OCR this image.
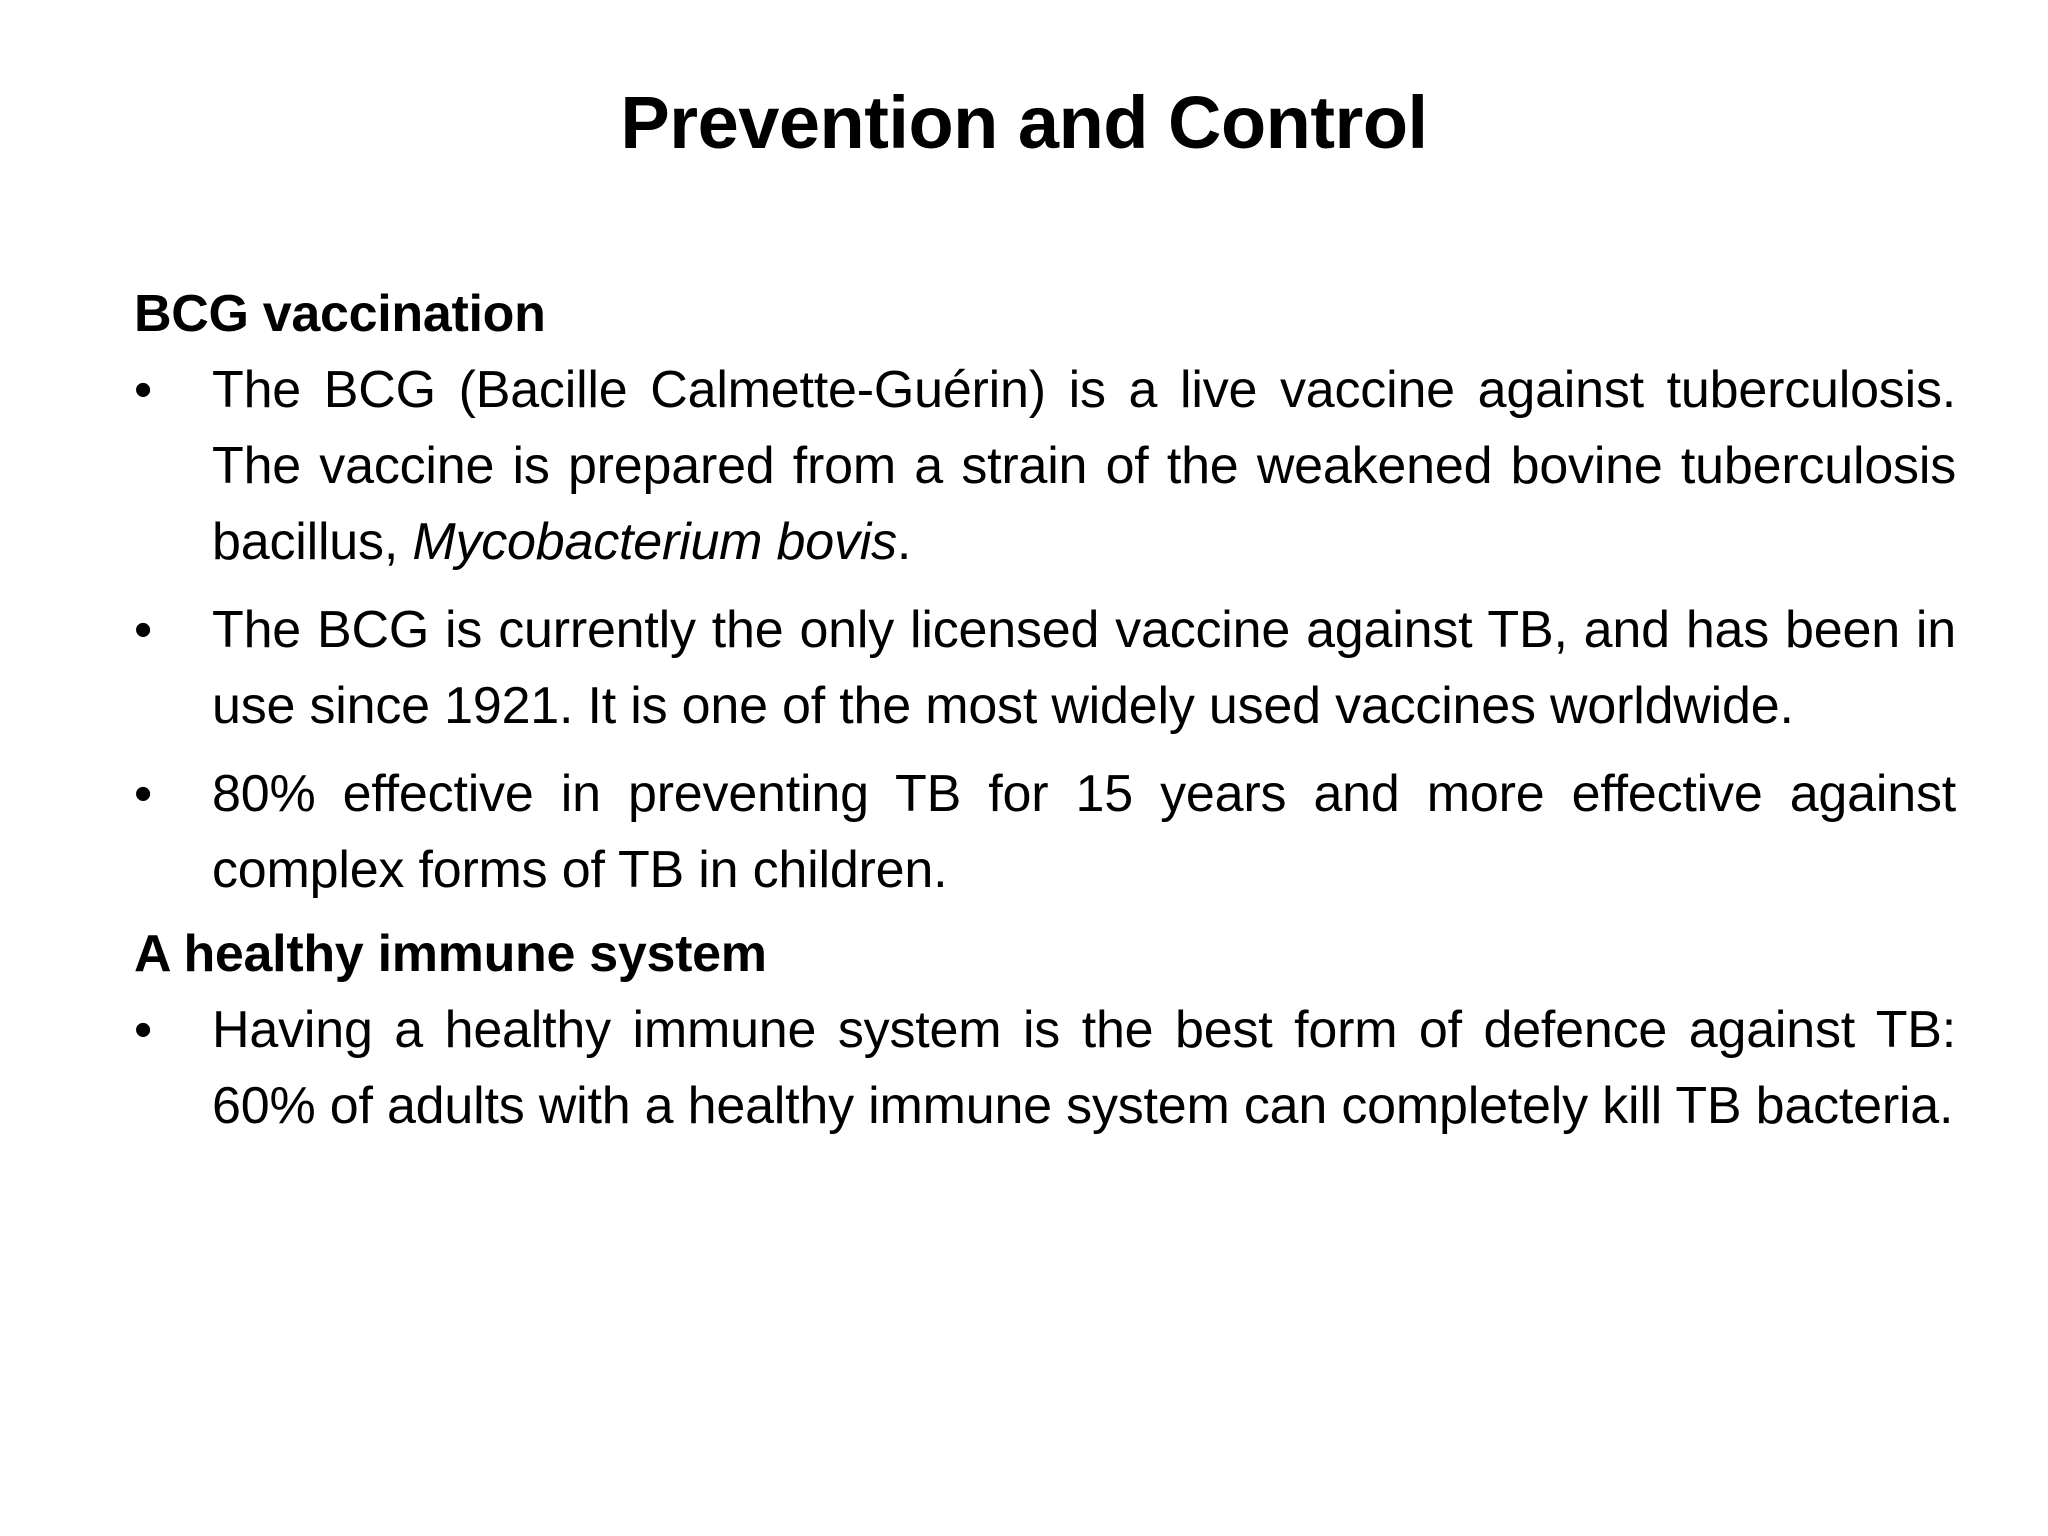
Prevention and Control

BCG vaccination

•	The BCG (Bacille Calmette-Guérin) is a live vaccine against tuberculosis. The vaccine is prepared from a strain of the weakened bovine tuberculosis bacillus, Mycobacterium bovis.
•	The BCG is currently the only licensed vaccine against TB, and has been in use since 1921. It is one of the most widely used vaccines worldwide.
•	80% effective in preventing TB for 15 years and more effective against complex forms of TB in children.

A healthy immune system

•	Having a healthy immune system is the best form of defence against TB: 60% of adults with a healthy immune system can completely kill TB bacteria.
